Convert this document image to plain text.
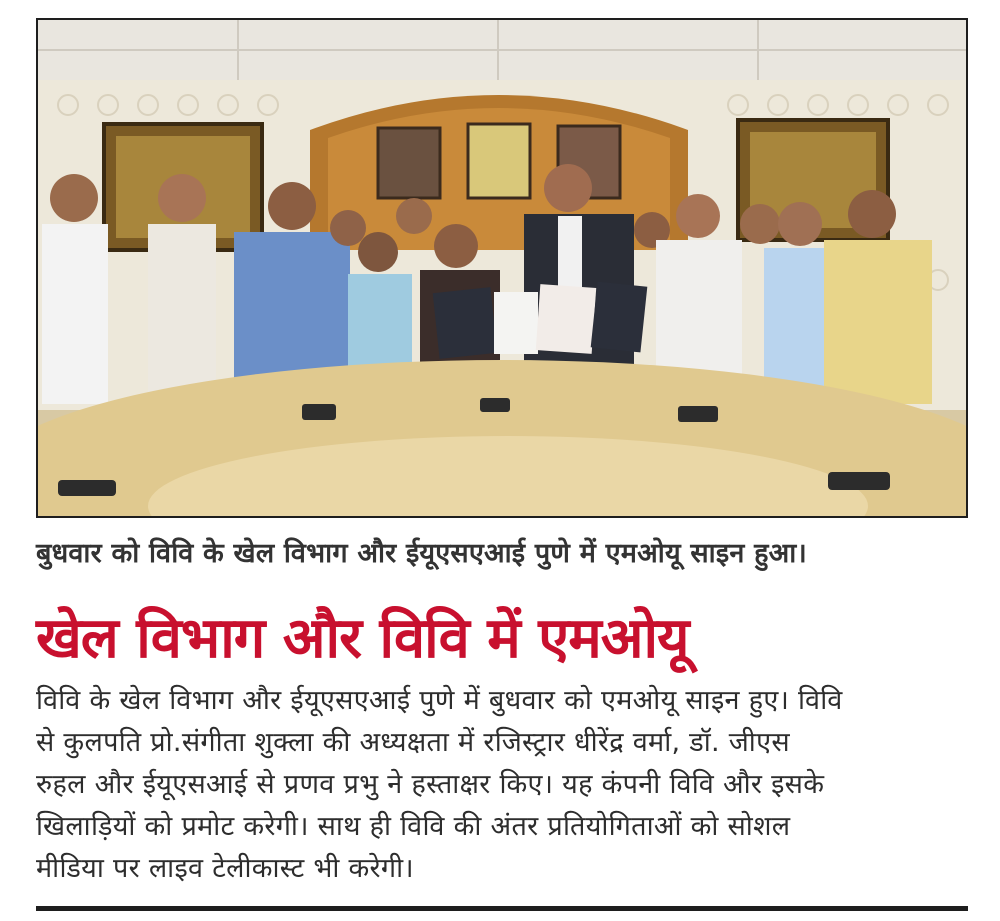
बुधवार को विवि के खेल विभाग और ईयूएसएआई पुणे में एमओयू साइन हुआ।
खेल विभाग और विवि में एमओयू
विवि के खेल विभाग और ईयूएसएआई पुणे में बुधवार को एमओयू साइन हुए। विवि
से कुलपति प्रो.संगीता शुक्ला की अध्यक्षता में रजिस्ट्रार धीरेंद्र वर्मा, डॉ. जीएस
रुहल और ईयूएसआई से प्रणव प्रभु ने हस्ताक्षर किए। यह कंपनी विवि और इसके
खिलाड़ियों को प्रमोट करेगी। साथ ही विवि की अंतर प्रतियोगिताओं को सोशल
मीडिया पर लाइव टेलीकास्ट भी करेगी।
